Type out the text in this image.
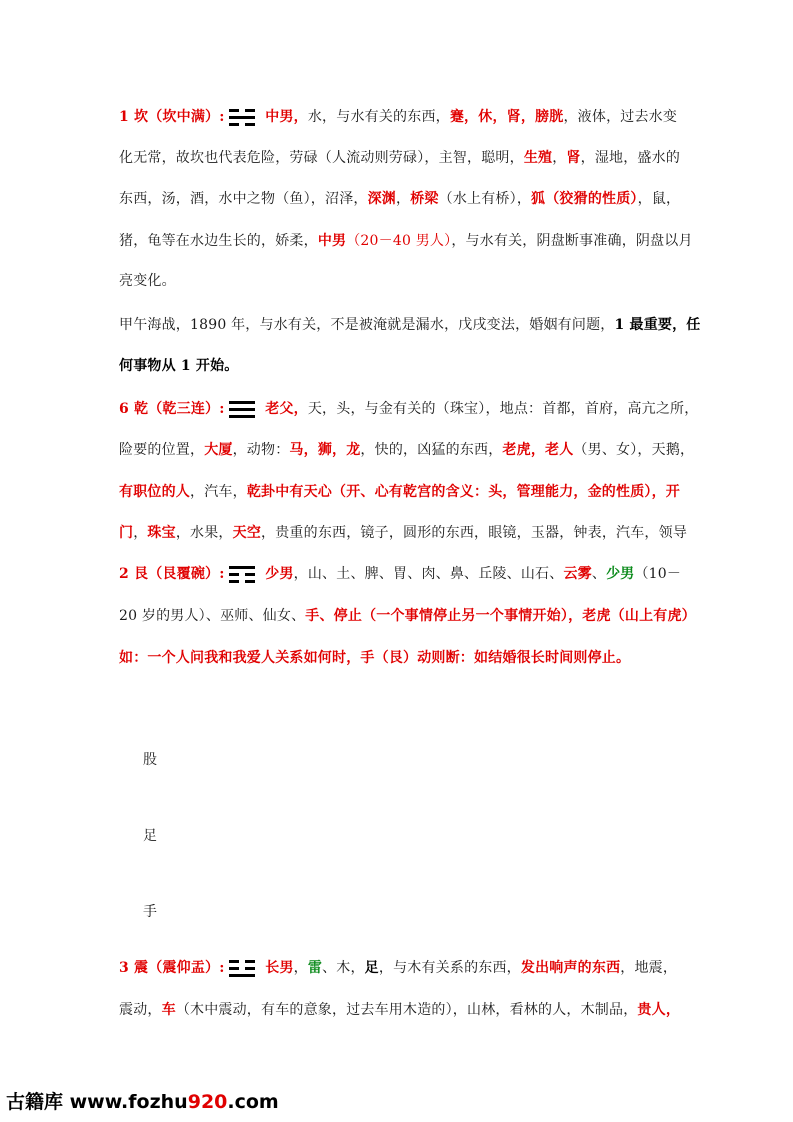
1 坎（坎中满）:	中男，水，与水有关的东西，蹇，休，肾，膀胱，液体，过去水变
化无常，故坎也代表危险，劳碌（人流动则劳碌），主智，聪明，生殖，肾，湿地，盛水的
东西，汤，酒，水中之物（鱼），沼泽，深渊，桥梁（水上有桥），狐（狡猾的性质），鼠，
猪，龟等在水边生长的，娇柔，中男（20－40 男人），与水有关，阴盘断事准确，阴盘以月
亮变化。
甲午海战，1890 年，与水有关，不是被淹就是漏水，戊戌变法，婚姻有问题，1 最重要，任
何事物从 1 开始。
6 乾（乾三连）:	老父，天，头，与金有关的（珠宝），地点：首都，首府，高亢之所，
险要的位置，大厦，动物：马，狮，龙，快的，凶猛的东西，老虎，老人（男、女），天鹅，
有职位的人，汽车，乾卦中有天心（开、心有乾宫的含义：头，管理能力，金的性质），开
门，珠宝，水果，天空，贵重的东西，镜子，圆形的东西，眼镜，玉器，钟表，汽车，领导
2 艮（艮覆碗）:	少男，山、土、脾、胃、肉、鼻、丘陵、山石、云雾、少男（10－
20 岁的男人）、巫师、仙女、手、停止（一个事情停止另一个事情开始），老虎（山上有虎）
如：一个人问我和我爱人关系如何时，手（艮）动则断：如结婚很长时间则停止。
股
足
手
3 震（震仰盂）:	长男，雷、木，足，与木有关系的东西，发出响声的东西，地震，
震动，车（木中震动，有车的意象，过去车用木造的），山林，看林的人，木制品，贵人，
古籍库 www.fozhu920.com
